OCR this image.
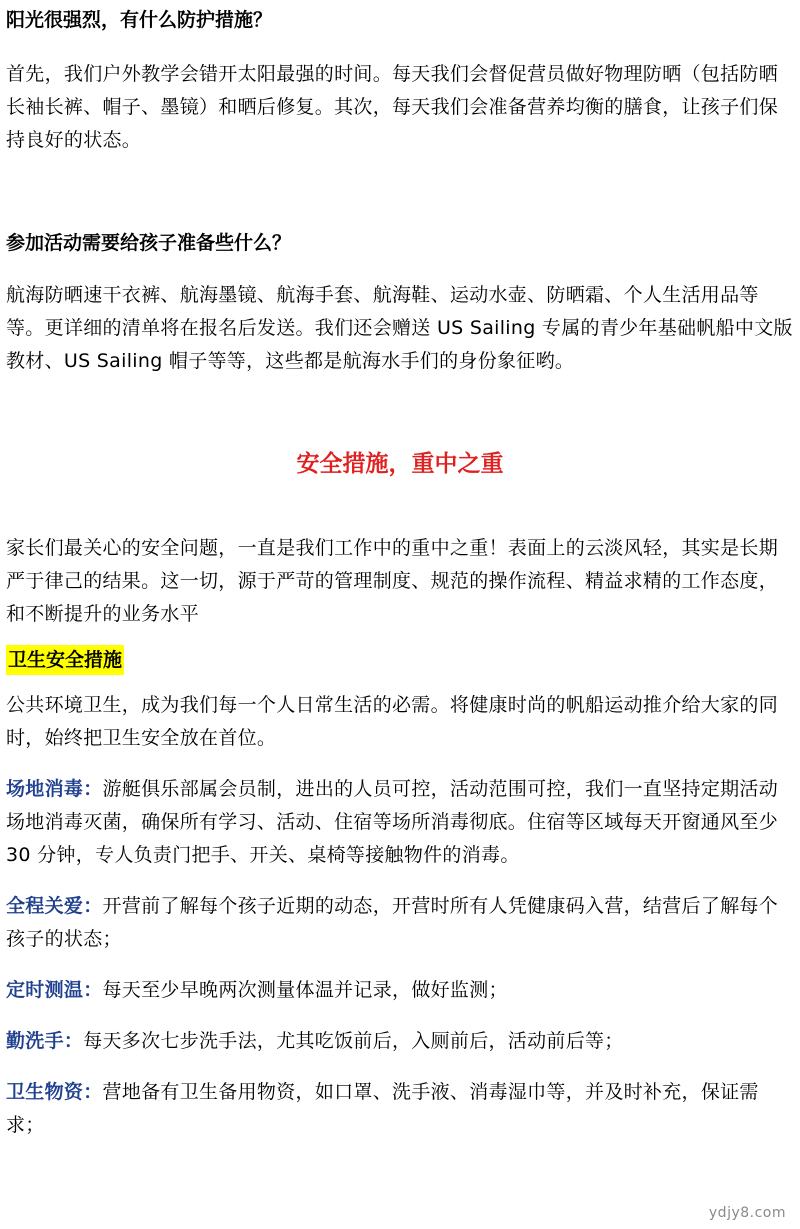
阳光很强烈，有什么防护措施？

首先，我们户外教学会错开太阳最强的时间。每天我们会督促营员做好物理防晒（包括防晒长袖长裤、帽子、墨镜）和晒后修复。其次，每天我们会准备营养均衡的膳食，让孩子们保持良好的状态。

参加活动需要给孩子准备些什么？

航海防晒速干衣裤、航海墨镜、航海手套、航海鞋、运动水壶、防晒霜、个人生活用品等等。更详细的清单将在报名后发送。我们还会赠送 US Sailing 专属的青少年基础帆船中文版教材、US Sailing 帽子等等，这些都是航海水手们的身份象征哟。

安全措施，重中之重

家长们最关心的安全问题，一直是我们工作中的重中之重！表面上的云淡风轻，其实是长期严于律己的结果。这一切，源于严苛的管理制度、规范的操作流程、精益求精的工作态度，和不断提升的业务水平

卫生安全措施

公共环境卫生，成为我们每一个人日常生活的必需。将健康时尚的帆船运动推介给大家的同时，始终把卫生安全放在首位。

场地消毒：游艇俱乐部属会员制，进出的人员可控，活动范围可控，我们一直坚持定期活动场地消毒灭菌，确保所有学习、活动、住宿等场所消毒彻底。住宿等区域每天开窗通风至少 30 分钟，专人负责门把手、开关、桌椅等接触物件的消毒。

全程关爱：开营前了解每个孩子近期的动态，开营时所有人凭健康码入营，结营后了解每个孩子的状态；

定时测温：每天至少早晚两次测量体温并记录，做好监测；

勤洗手：每天多次七步洗手法，尤其吃饭前后，入厕前后，活动前后等；

卫生物资：营地备有卫生备用物资，如口罩、洗手液、消毒湿巾等，并及时补充，保证需求；

ydjy8.com
